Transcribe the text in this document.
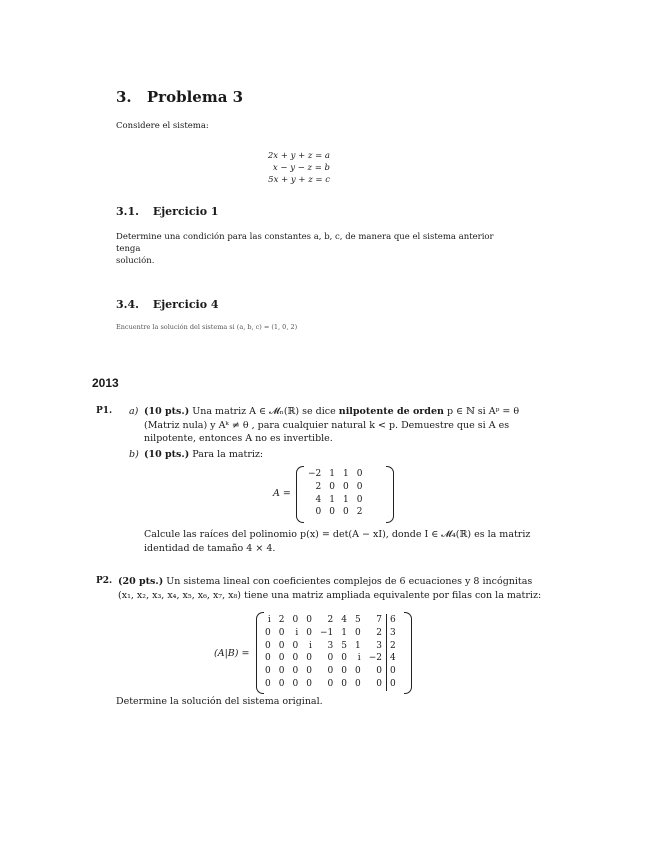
3. Problema 3
Considere el sistema:
2x + y + z = a
x − y − z = b
5x + y + z = c
3.1. Ejercicio 1
Determine una condición para las constantes a, b, c, de manera que el sistema anterior tenga
solución.
3.4. Ejercicio 4
Encuentre la solución del sistema si (a, b, c) = (1, 0, 2)
2013
P1. a) (10 pts.) Una matriz A ∈ 𝓜ₙ(ℝ) se dice nilpotente de orden p ∈ ℕ si Aᵖ = θ
(Matriz nula) y Aᵏ ≠ θ , para cualquier natural k < p. Demuestre que si A es
nilpotente, entonces A no es invertible.
b) (10 pts.) Para la matriz:
A =
−2	1	1	0
2	0	0	0
4	1	1	0
0	0	0	2
Calcule las raíces del polinomio p(x) = det(A − xI), donde I ∈ 𝓜₄(ℝ) es la matriz
identidad de tamaño 4 × 4.
P2. (20 pts.) Un sistema lineal con coeficientes complejos de 6 ecuaciones y 8 incógnitas
(x₁, x₂, x₃, x₄, x₅, x₆, x₇, x₈) tiene una matriz ampliada equivalente por filas con la matriz:
(A|B) =
i	2	0	0	2	4	5	7	6
0	0	i	0	−1	1	0	2	3
0	0	0	i	3	5	1	3	2
0	0	0	0	0	0	i	−2	4
0	0	0	0	0	0	0	0	0
0	0	0	0	0	0	0	0	0
Determine la solución del sistema original.
